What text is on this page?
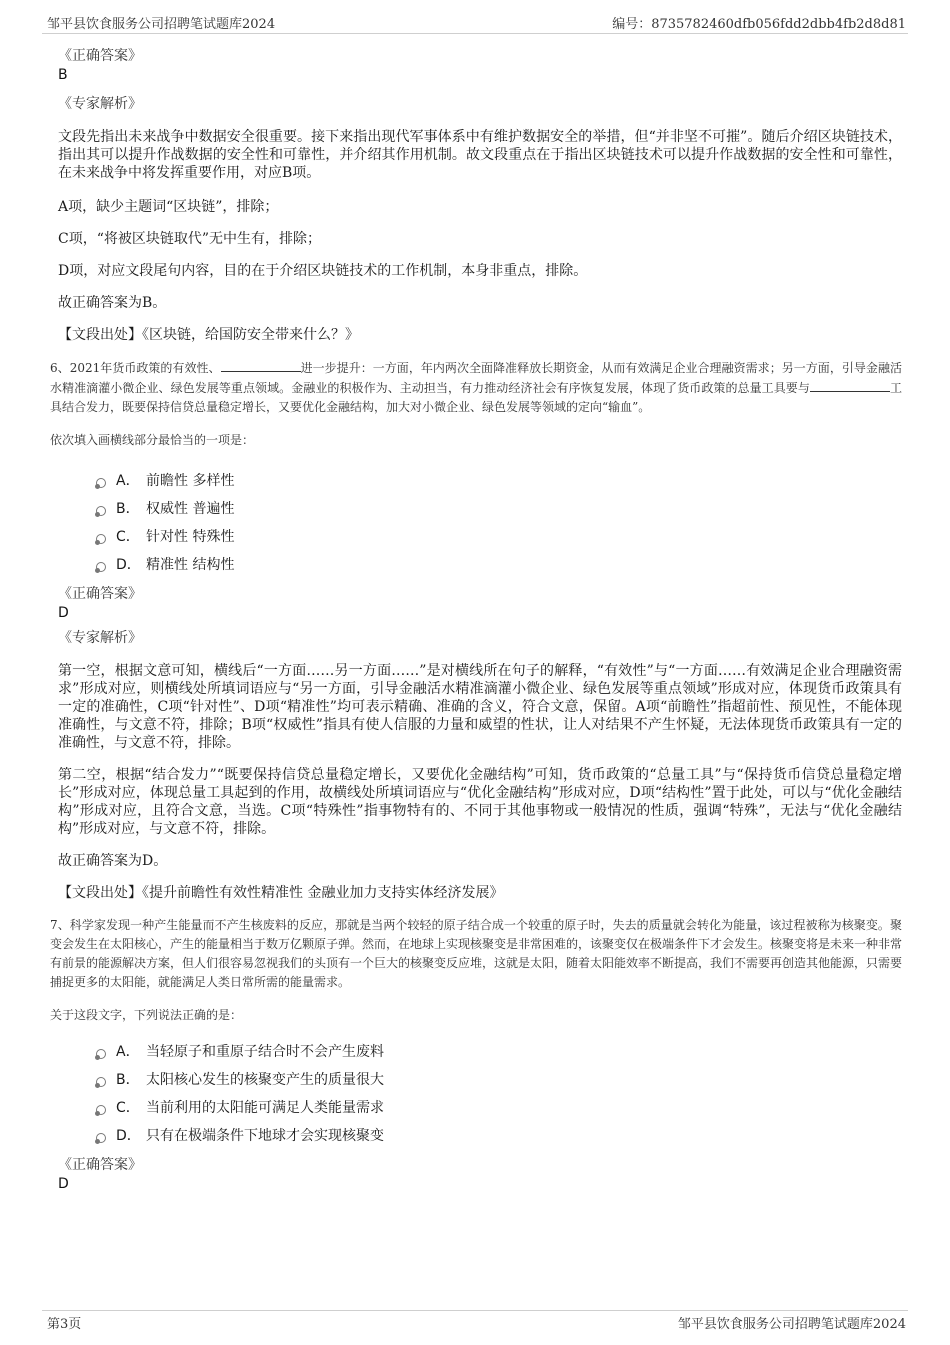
邹平县饮食服务公司招聘笔试题库2024	编号：8735782460dfb056fdd2dbb4fb2d8d81
《正确答案》
B
《专家解析》

文段先指出未来战争中数据安全很重要。接下来指出现代军事体系中有维护数据安全的举措，但“并非坚不可摧”。随后介绍区块链技术，指出其可以提升作战数据的安全性和可靠性，并介绍其作用机制。故文段重点在于指出区块链技术可以提升作战数据的安全性和可靠性，在未来战争中将发挥重要作用，对应B项。

A项，缺少主题词“区块链”，排除；

C项，“将被区块链取代”无中生有，排除；

D项，对应文段尾句内容，目的在于介绍区块链技术的工作机制，本身非重点，排除。

故正确答案为B。

【文段出处】《区块链，给国防安全带来什么？》

6、2021年货币政策的有效性、	进一步提升：一方面，年内两次全面降准释放长期资金，从而有效满足企业合理融资需求；另一方面，引导金融活水精准滴灌小微企业、绿色发展等重点领域。金融业的积极作为、主动担当，有力推动经济社会有序恢复发展，体现了货币政策的总量工具要与	工具结合发力，既要保持信贷总量稳定增长，又要优化金融结构，加大对小微企业、绿色发展等领域的定向“输血”。

依次填入画横线部分最恰当的一项是：

A． 前瞻性 多样性
B． 权威性 普遍性
C． 针对性 特殊性
D． 精准性 结构性
《正确答案》
D
《专家解析》

第一空，根据文意可知，横线后“一方面……另一方面……”是对横线所在句子的解释，“有效性”与“一方面……有效满足企业合理融资需求”形成对应，则横线处所填词语应与“另一方面，引导金融活水精准滴灌小微企业、绿色发展等重点领域”形成对应，体现货币政策具有一定的准确性，C项“针对性”、D项“精准性”均可表示精确、准确的含义，符合文意，保留。A项“前瞻性”指超前性、预见性，不能体现准确性，与文意不符，排除；B项“权威性”指具有使人信服的力量和威望的性状，让人对结果不产生怀疑，无法体现货币政策具有一定的准确性，与文意不符，排除。

第二空，根据“结合发力”“既要保持信贷总量稳定增长，又要优化金融结构”可知，货币政策的“总量工具”与“保持货币信贷总量稳定增长”形成对应，体现总量工具起到的作用，故横线处所填词语应与“优化金融结构”形成对应，D项“结构性”置于此处，可以与“优化金融结构”形成对应，且符合文意，当选。C项“特殊性”指事物特有的、不同于其他事物或一般情况的性质，强调“特殊”，无法与“优化金融结构”形成对应，与文意不符，排除。

故正确答案为D。

【文段出处】《提升前瞻性有效性精准性 金融业加力支持实体经济发展》

7、科学家发现一种产生能量而不产生核废料的反应，那就是当两个较轻的原子结合成一个较重的原子时，失去的质量就会转化为能量，该过程被称为核聚变。聚变会发生在太阳核心，产生的能量相当于数万亿颗原子弹。然而，在地球上实现核聚变是非常困难的，该聚变仅在极端条件下才会发生。核聚变将是未来一种非常有前景的能源解决方案，但人们很容易忽视我们的头顶有一个巨大的核聚变反应堆，这就是太阳，随着太阳能效率不断提高，我们不需要再创造其他能源，只需要捕捉更多的太阳能，就能满足人类日常所需的能量需求。

关于这段文字，下列说法正确的是：

A． 当轻原子和重原子结合时不会产生废料
B． 太阳核心发生的核聚变产生的质量很大
C． 当前利用的太阳能可满足人类能量需求
D． 只有在极端条件下地球才会实现核聚变
《正确答案》
D
第3页	邹平县饮食服务公司招聘笔试题库2024
